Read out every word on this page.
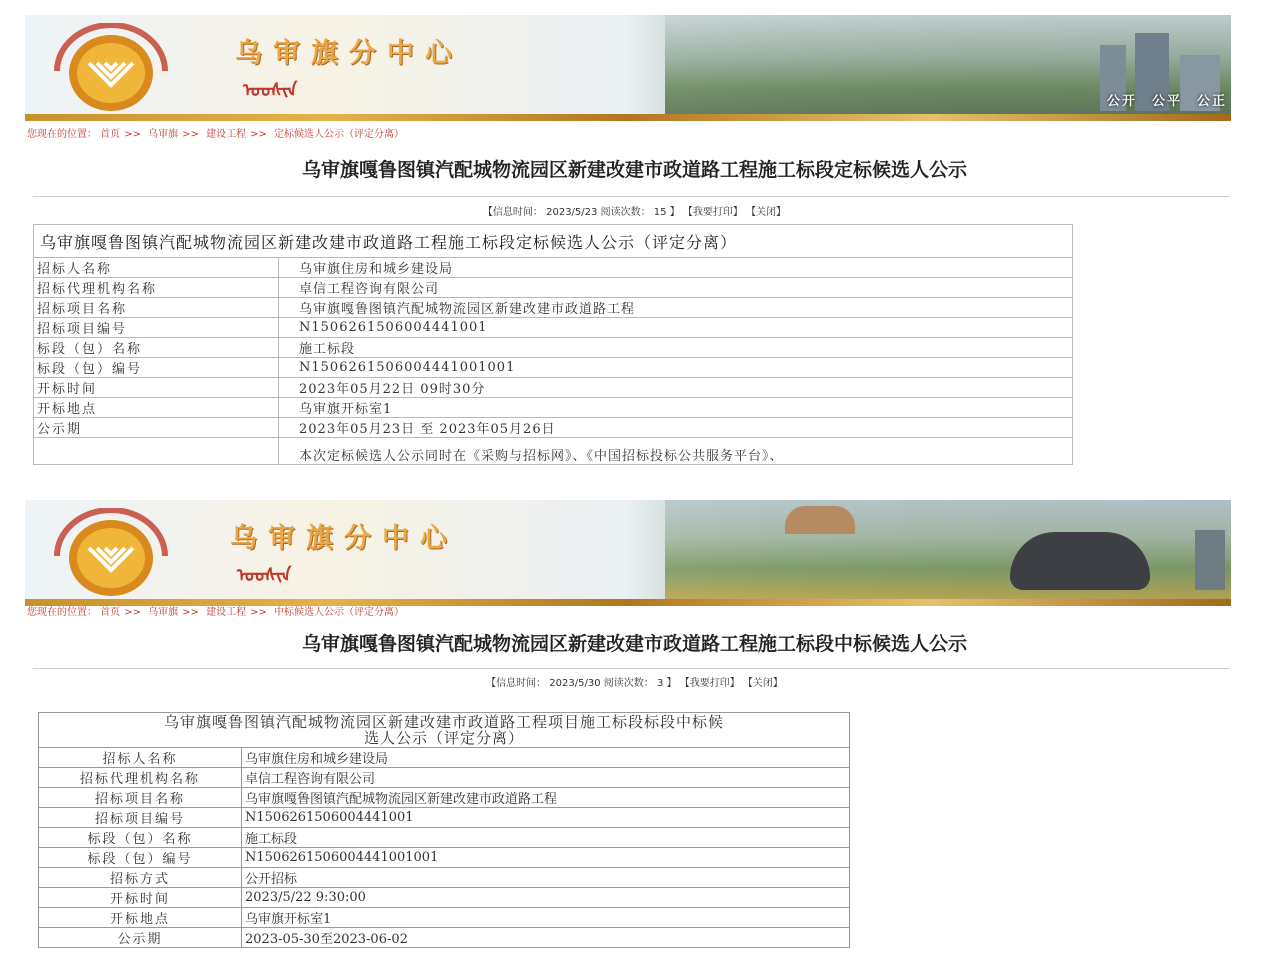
乌审旗分中心
ᠤᠤᠰᠢᠨ
公开　公平　公正
您现在的位置： 首页 >> 乌审旗 >> 建设工程 >> 定标候选人公示（评定分离）
乌审旗嘎鲁图镇汽配城物流园区新建改建市政道路工程施工标段定标候选人公示
【信息时间： 2023/5/23 阅读次数： 15 】 【我要打印】 【关闭】
乌审旗嘎鲁图镇汽配城物流园区新建改建市政道路工程施工标段定标候选人公示（评定分离）	
招标人名称	乌审旗住房和城乡建设局
招标代理机构名称	卓信工程咨询有限公司
招标项目名称	乌审旗嘎鲁图镇汽配城物流园区新建改建市政道路工程
招标项目编号	N1506261506004441001
标段（包）名称	施工标段
标段（包）编号	N1506261506004441001001
开标时间	2023年05月22日 09时30分
开标地点	乌审旗开标室1
公示期	2023年05月23日 至 2023年05月26日
	本次定标候选人公示同时在《采购与招标网》、《中国招标投标公共服务平台》、
乌审旗分中心
ᠤᠤᠰᠢᠨ
您现在的位置： 首页 >> 乌审旗 >> 建设工程 >> 中标候选人公示（评定分离）
乌审旗嘎鲁图镇汽配城物流园区新建改建市政道路工程施工标段中标候选人公示
【信息时间： 2023/5/30 阅读次数： 3 】 【我要打印】 【关闭】
乌审旗嘎鲁图镇汽配城物流园区新建改建市政道路工程项目施工标段标段中标候
选人公示（评定分离）	

招标人名称	乌审旗住房和城乡建设局
招标代理机构名称	卓信工程咨询有限公司
招标项目名称	乌审旗嘎鲁图镇汽配城物流园区新建改建市政道路工程
招标项目编号	N1506261506004441001
标段（包）名称	施工标段
标段（包）编号	N1506261506004441001001
招标方式	公开招标
开标时间	2023/5/22 9:30:00
开标地点	乌审旗开标室1
公示期	2023-05-30至2023-06-02
